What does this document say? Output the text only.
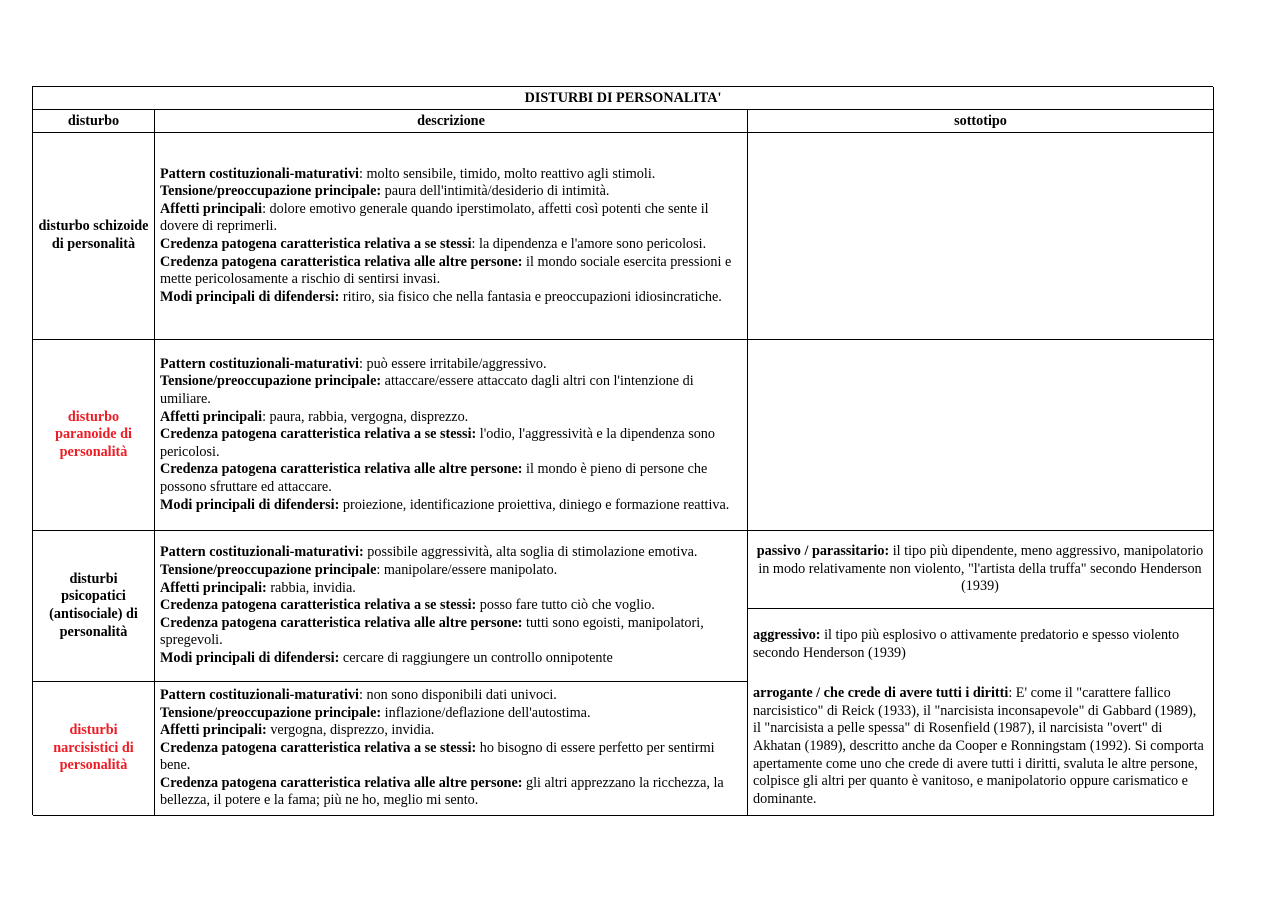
DISTURBI DI PERSONALITA'
disturbo	descrizione	sottotipo
disturbo schizoide di personalità

Pattern costituzionali-maturativi: molto sensibile, timido, molto reattivo agli stimoli.

Tensione/preoccupazione principale: paura dell'intimità/desiderio di intimità.

Affetti principali: dolore emotivo generale quando iperstimolato, affetti così potenti che sente il dovere di reprimerli.

Credenza patogena caratteristica relativa a se stessi: la dipendenza e l'amore sono pericolosi.

Credenza patogena caratteristica relativa alle altre persone: il mondo sociale esercita pressioni e mette pericolosamente a rischio di sentirsi invasi.

Modi principali di difendersi: ritiro, sia fisico che nella fantasia e preoccupazioni idiosincratiche.

disturbo paranoide di personalità

Pattern costituzionali-maturativi: può essere irritabile/aggressivo.

Tensione/preoccupazione principale: attaccare/essere attaccato dagli altri con l'intenzione di umiliare.

Affetti principali: paura, rabbia, vergogna, disprezzo.

Credenza patogena caratteristica relativa a se stessi: l'odio, l'aggressività e la dipendenza sono pericolosi.

Credenza patogena caratteristica relativa alle altre persone: il mondo è pieno di persone che possono sfruttare ed attaccare.

Modi principali di difendersi: proiezione, identificazione proiettiva, diniego e formazione reattiva.

disturbi psicopatici (antisociale) di personalità

Pattern costituzionali-maturativi: possibile aggressività, alta soglia di stimolazione emotiva.

Tensione/preoccupazione principale: manipolare/essere manipolato.

Affetti principali: rabbia, invidia.

Credenza patogena caratteristica relativa a se stessi: posso fare tutto ciò che voglio.

Credenza patogena caratteristica relativa alle altre persone: tutti sono egoisti, manipolatori, spregevoli.

Modi principali di difendersi: cercare di raggiungere un controllo onnipotente

passivo / parassitario: il tipo più dipendente, meno aggressivo, manipolatorio in modo relativamente non violento, "l'artista della truffa" secondo Henderson (1939)

disturbi narcisistici di personalità

Pattern costituzionali-maturativi: non sono disponibili dati univoci.

Tensione/preoccupazione principale: inflazione/deflazione dell'autostima.

Affetti principali: vergogna, disprezzo, invidia.

Credenza patogena caratteristica relativa a se stessi: ho bisogno di essere perfetto per sentirmi bene.

Credenza patogena caratteristica relativa alle altre persone: gli altri apprezzano la ricchezza, la bellezza, il potere e la fama; più ne ho, meglio mi sento.

aggressivo: il tipo più esplosivo o attivamente predatorio e spesso violento secondo Henderson (1939)

arrogante / che crede di avere tutti i diritti: E' come il "carattere fallico narcisistico" di Reick (1933), il "narcisista inconsapevole" di Gabbard (1989), il "narcisista a pelle spessa" di Rosenfield (1987), il narcisista "overt" di Akhatan (1989), descritto anche da Cooper e Ronningstam (1992). Si comporta apertamente come uno che crede di avere tutti i diritti, svaluta le altre persone, colpisce gli altri per quanto è vanitoso, e manipolatorio oppure carismatico e dominante.
